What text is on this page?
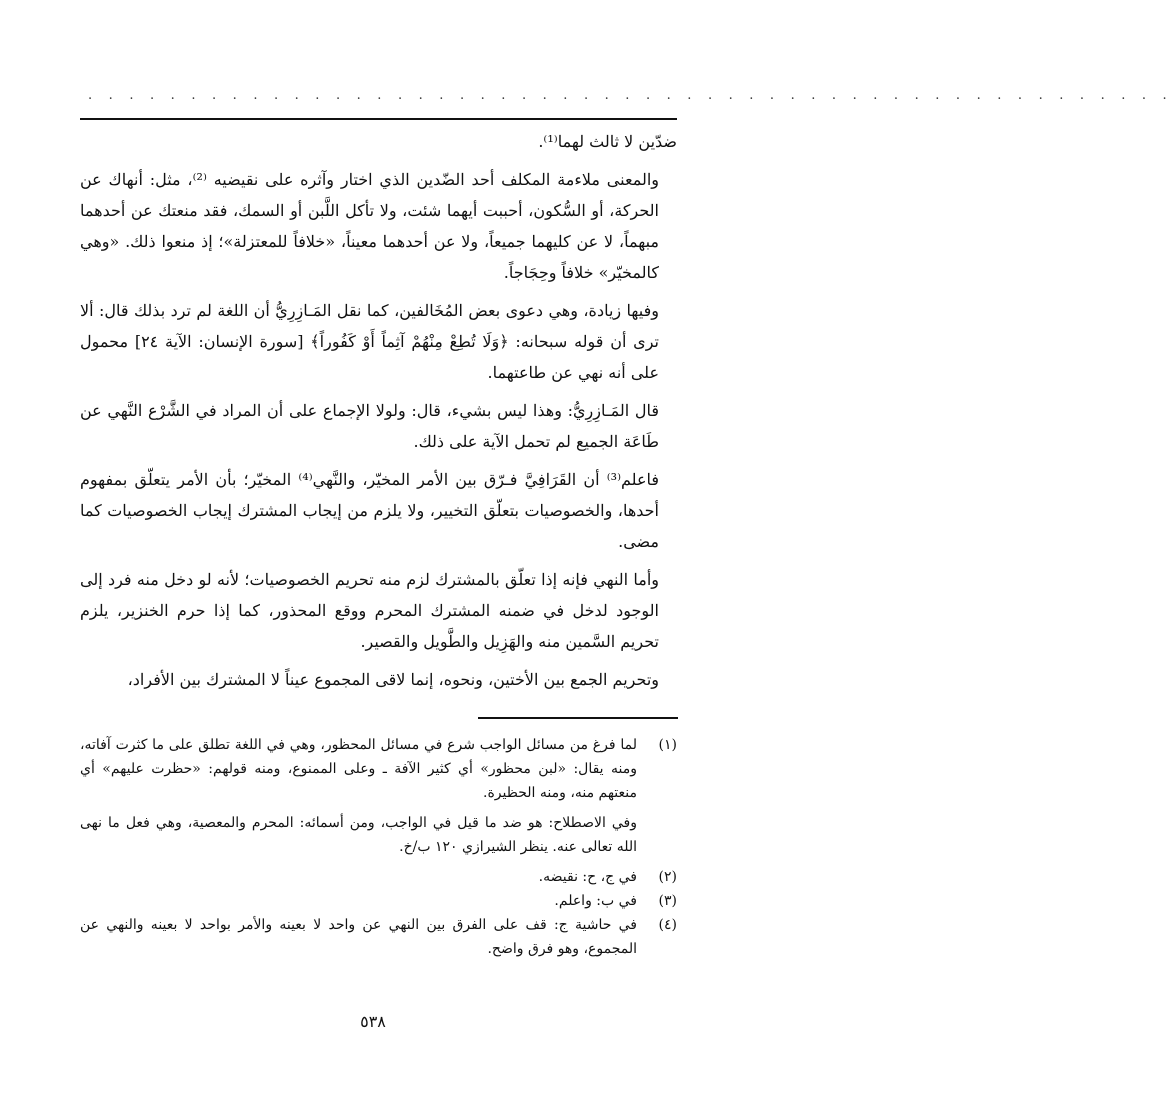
. . . . . . . . . . . . . . . . . . . . . . . . . . . . . . . . . . . . . . . . . . . . . . . . . . . . .

ضدّين لا ثالث لهما⁽¹⁾.

والمعنى ملاءمة المكلف أحد الضّدين الذي اختار وآثره على نقيضيه ⁽²⁾، مثل: أنهاك عن الحركة، أو السُّكون، أحببت أيهما شئت، ولا تأكل اللَّبن أو السمك، فقد منعتك عن أحدهما مبهماً، لا عن كليهما جميعاً، ولا عن أحدهما معيناً، «خلافاً للمعتزلة»؛ إذ منعوا ذلك. «وهي كالمخيّر» خلافاً وحِجَاجاً.

وفيها زيادة، وهي دعوى بعض المُخَالفين، كما نقل المَـازِرِيُّ أن اللغة لم ترد بذلك قال: ألا ترى أن قوله سبحانه: ﴿وَلَا تُطِعْ مِنْهُمْ آثِماً أَوْ كَفُوراً﴾ [سورة الإنسان: الآية ٢٤] محمول على أنه نهي عن طاعتهما.

قال المَـازِرِيُّ: وهذا ليس بشيء، قال: ولولا الإجماع على أن المراد في الشَّرْع النَّهي عن طَاعَة الجميع لم تحمل الآية على ذلك.

فاعلم⁽³⁾ أن القَرَافِيَّ فـرّق بين الأمر المخيّر، والنَّهي⁽⁴⁾ المخيّر؛ بأن الأمر يتعلّق بمفهوم أحدها، والخصوصيات بتعلّق التخيير، ولا يلزم من إيجاب المشترك إيجاب الخصوصيات كما مضى.

وأما النهي فإنه إذا تعلّق بالمشترك لزم منه تحريم الخصوصيات؛ لأنه لو دخل منه فرد إلى الوجود لدخل في ضمنه المشترك المحرم ووقع المحذور، كما إذا حرم الخنزير، يلزم تحريم السَّمين منه والهَزِيل والطَّويل والقصير.

وتحريم الجمع بين الأختين، ونحوه، إنما لاقى المجموع عيناً لا المشترك بين الأفراد،

(١)

لما فرغ من مسائل الواجب شرع في مسائل المحظور، وهي في اللغة تطلق على ما كثرت آفاته، ومنه يقال: «لبن محظور» أي كثير الآفة ـ وعلى الممنوع، ومنه قولهم: «حظرت عليهم» أي منعتهم منه، ومنه الحظيرة.

وفي الاصطلاح: هو ضد ما قيل في الواجب، ومن أسمائه: المحرم والمعصية، وهي فعل ما نهى الله تعالى عنه. ينظر الشيرازي ١٢٠ ب/خ.

(٢)

في ج، ح: نقيضه.

(٣)

في ب: واعلم.

(٤)

في حاشية ج: قف على الفرق بين النهي عن واحد لا بعينه والأمر بواحد لا بعينه والنهي عن المجموع، وهو فرق واضح.

٥٣٨
